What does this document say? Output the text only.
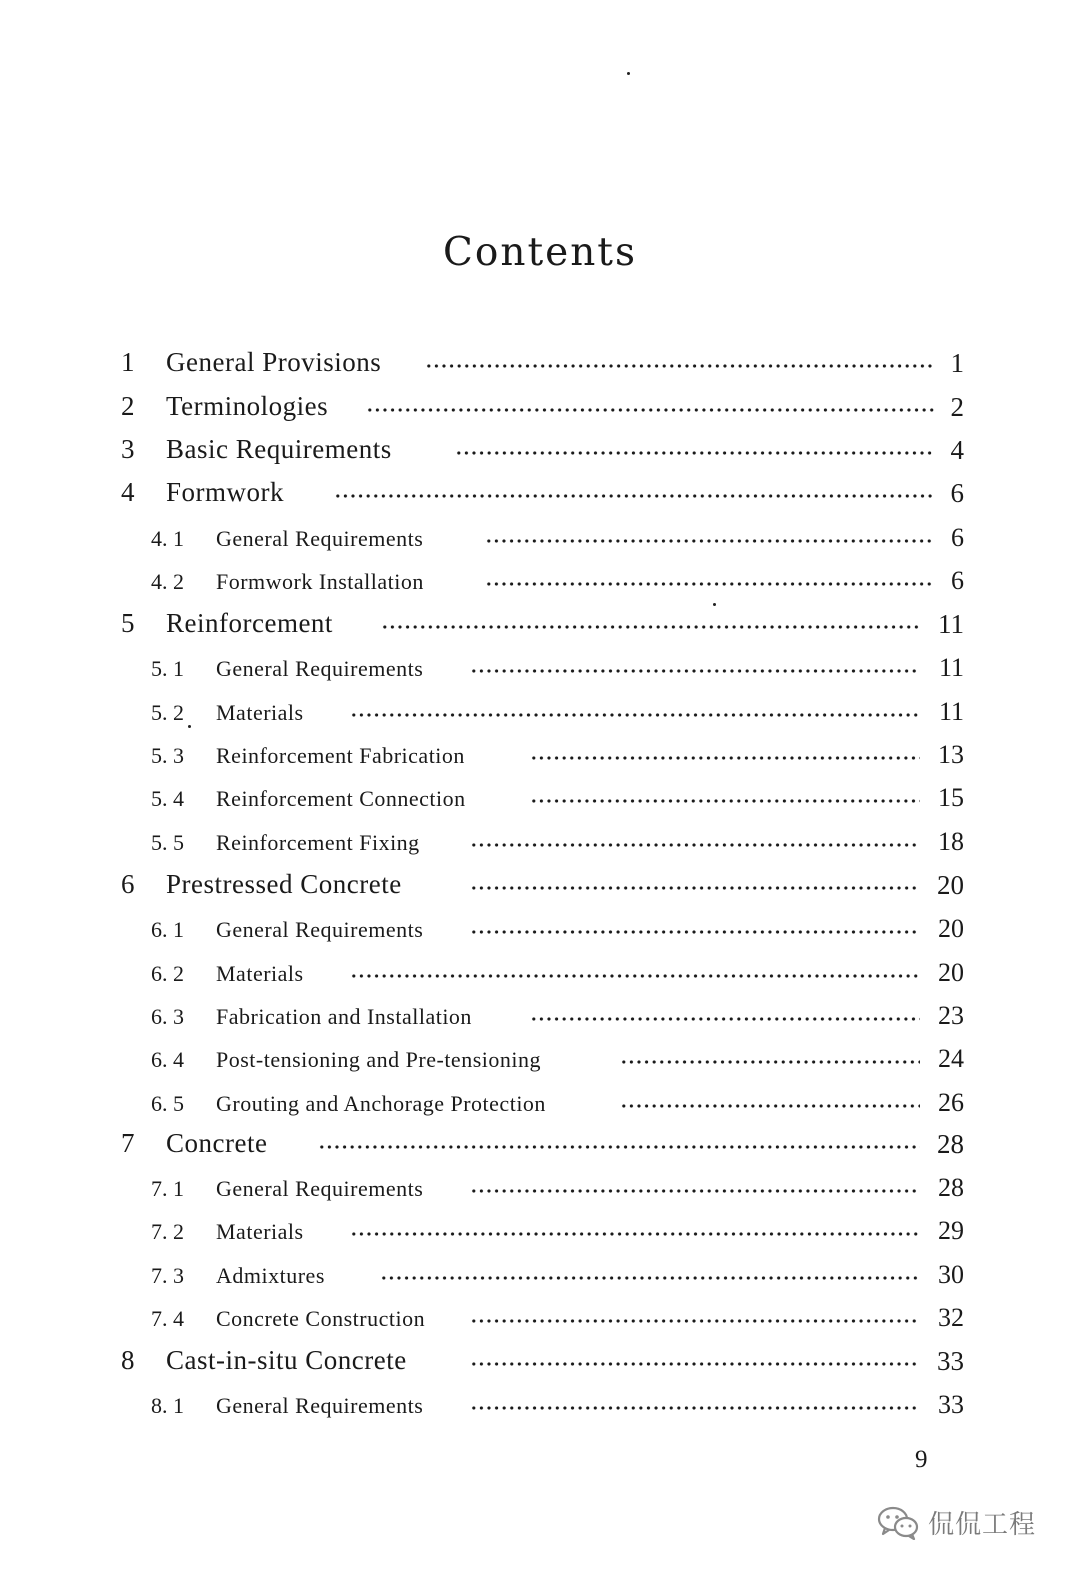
Contents
1 General Provisions	1
2 Terminologies	2
3 Basic Requirements	4
4 Formwork	6
4. 1 General Requirements	6
4. 2 Formwork Installation	6
5 Reinforcement	11
5. 1 General Requirements	11
5. 2 Materials	11
5. 3 Reinforcement Fabrication	13
5. 4 Reinforcement Connection	15
5. 5 Reinforcement Fixing	18
6 Prestressed Concrete	20
6. 1 General Requirements	20
6. 2 Materials	20
6. 3 Fabrication and Installation	23
6. 4 Post-tensioning and Pre-tensioning	24
6. 5 Grouting and Anchorage Protection	26
7 Concrete	28
7. 1 General Requirements	28
7. 2 Materials	29
7. 3 Admixtures	30
7. 4 Concrete Construction	32
8 Cast-in-situ Concrete	33
8. 1 General Requirements	33
9
侃侃工程
